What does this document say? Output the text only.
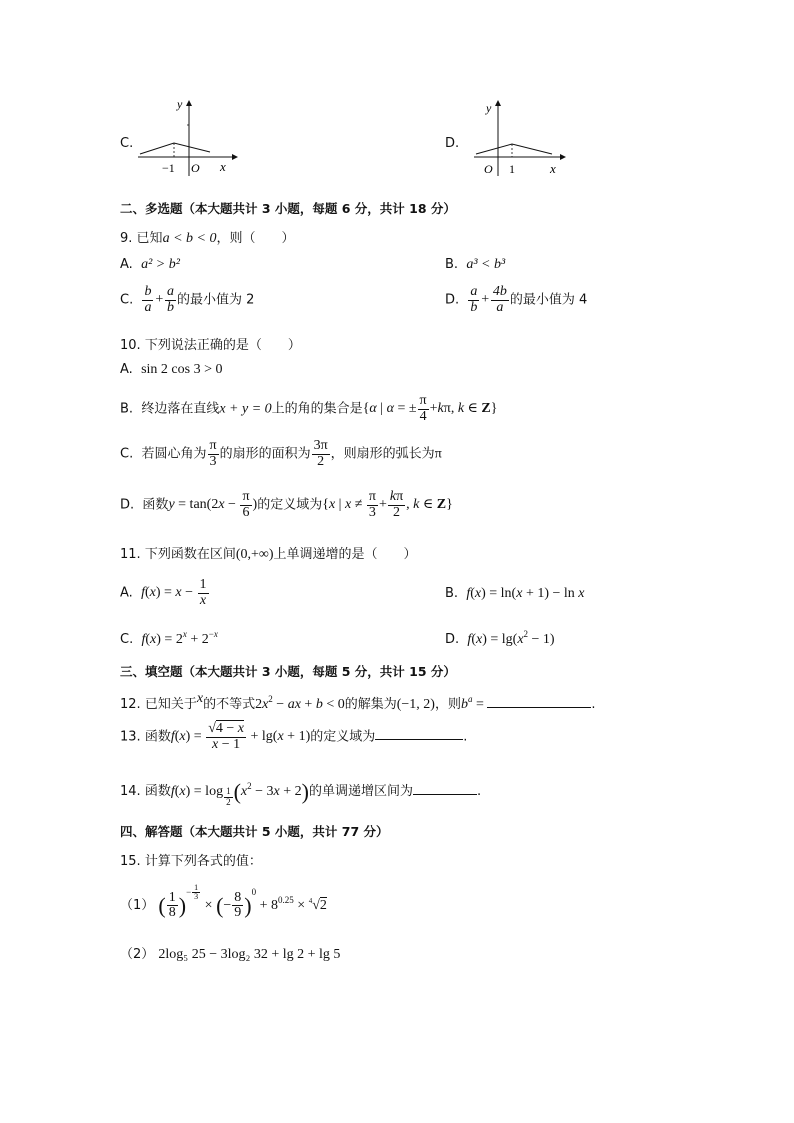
C.
y
x
−1 O
D.
y
x
1
O
二、多选题（本大题共计 3 小题，每题 6 分，共计 18 分）
9. 已知a < b < 0，则（　　）
A. a² > b²	B. a³ < b³
C. $\frac{b}{a} + \frac{a}{b}$ 的最小值为 2	D. $\frac{a}{b} + \frac{4b}{a}$ 的最小值为 4
10. 下列说法正确的是（　　）
A. sin 2 cos 3 > 0
B. 终边落在直线x + y = 0上的角的集合是{α | α = ± $\frac{\pi}{4} +k\pi$, k ∈ Z}
C. 若圆心角为 $\frac{\pi}{3}$ 的扇形的面积为 $\frac{3\pi}{2}$ ，则扇形的弧长为π
D. 函数$y = \tan(2x - \frac{\pi}{6}$ )的定义域为{x | $x \ne \frac{\pi}{3} + \frac{k\pi}{2}$ , k ∈ Z}
11. 下列函数在区间(0,+∞)上单调递增的是（　　）
A. $f(x) = x - \frac{1}{x}$	B. f(x) = ln(x + 1) − ln x
C. $f(x) = 2^x + 2^{-x}$	D. $f(x) = \lg(x^2 - 1)$
三、填空题（本大题共计 3 小题，每题 5 分，共计 15 分）
12. 已知关于$^x$的不等式$2x^2$ − ax + b < 0的解集为(−1, 2)，则$b^a$ =	.
13. 函数$f(x) = \frac{√4 - x}{x - 1} + \lg(x + 1)$的定义域为	.
14. 函数f(x) = log $_{\frac{1}{2}}$ $(x^2 - 3x + 2)$的单调递增区间为	.
四、解答题（本大题共计 5 小题，共计 77 分）
15. 计算下列各式的值：
（1） ( $\frac{1}{8} )^{- \frac{1}{3}}$
× (− $\frac{8}{9} )^0 + 8^{0.25} \times ^4√2$
（2） 2log₅ 25 − 3log₂ 32 + lg 2 + lg 5
